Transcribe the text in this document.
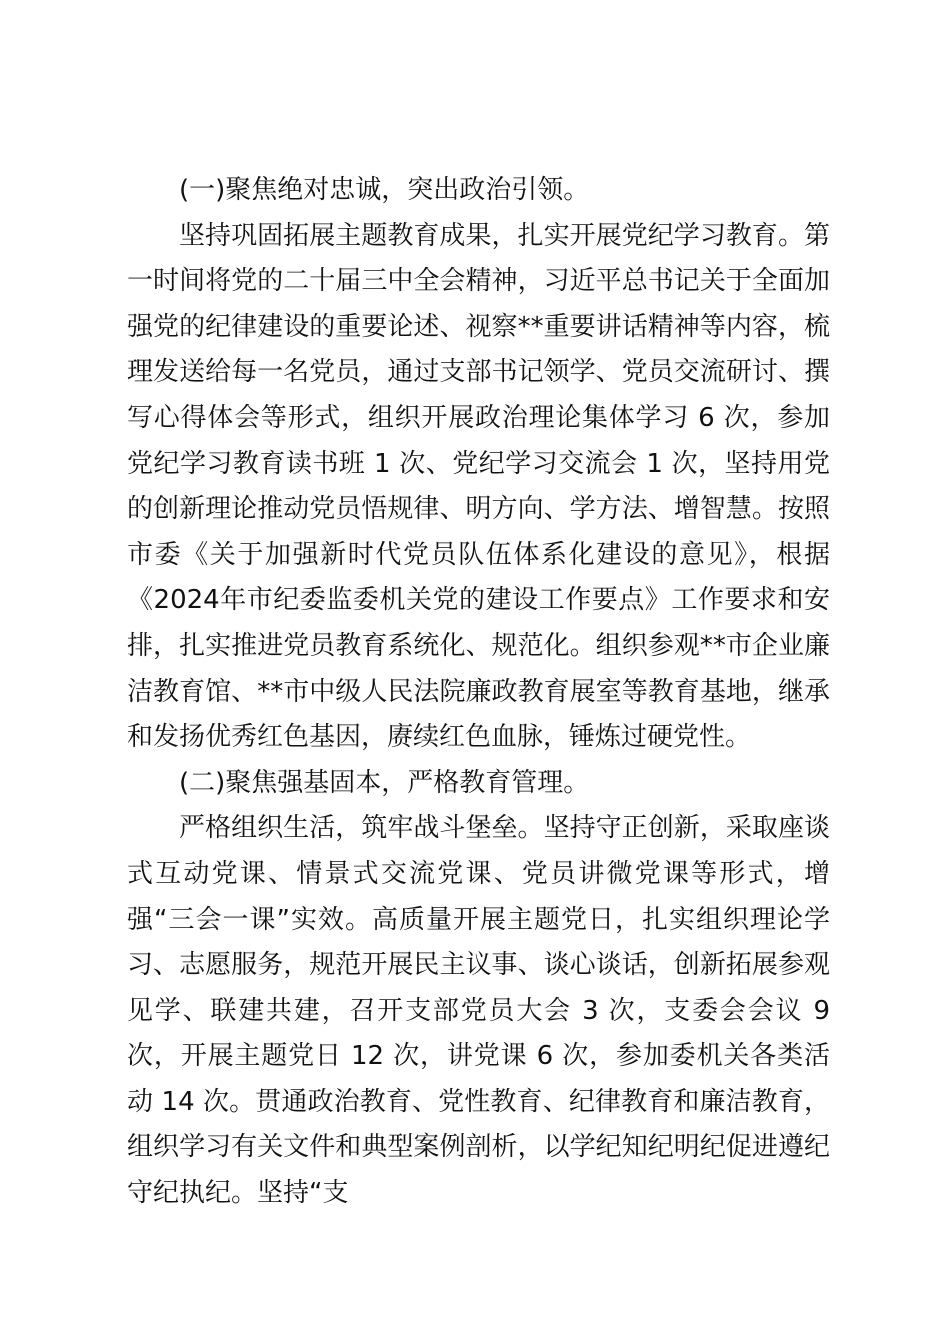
(一)聚焦绝对忠诚，突出政治引领。

坚持巩固拓展主题教育成果，扎实开展党纪学习教育。第一时间将党的二十届三中全会精神，习近平总书记关于全面加强党的纪律建设的重要论述、视察**重要讲话精神等内容，梳理发送给每一名党员，通过支部书记领学、党员交流研讨、撰写心得体会等形式，组织开展政治理论集体学习 6 次，参加党纪学习教育读书班 1 次、党纪学习交流会 1 次，坚持用党的创新理论推动党员悟规律、明方向、学方法、增智慧。按照市委《关于加强新时代党员队伍体系化建设的意见》，根据《2024年市纪委监委机关党的建设工作要点》工作要求和安排，扎实推进党员教育系统化、规范化。组织参观**市企业廉洁教育馆、**市中级人民法院廉政教育展室等教育基地，继承和发扬优秀红色基因，赓续红色血脉，锤炼过硬党性。

(二)聚焦强基固本，严格教育管理。

严格组织生活，筑牢战斗堡垒。坚持守正创新，采取座谈式互动党课、情景式交流党课、党员讲微党课等形式，增强“三会一课”实效。高质量开展主题党日，扎实组织理论学习、志愿服务，规范开展民主议事、谈心谈话，创新拓展参观见学、联建共建，召开支部党员大会 3 次，支委会会议 9 次，开展主题党日 12 次，讲党课 6 次，参加委机关各类活动 14 次。贯通政治教育、党性教育、纪律教育和廉洁教育，组织学习有关文件和典型案例剖析，以学纪知纪明纪促进遵纪守纪执纪。坚持“支
